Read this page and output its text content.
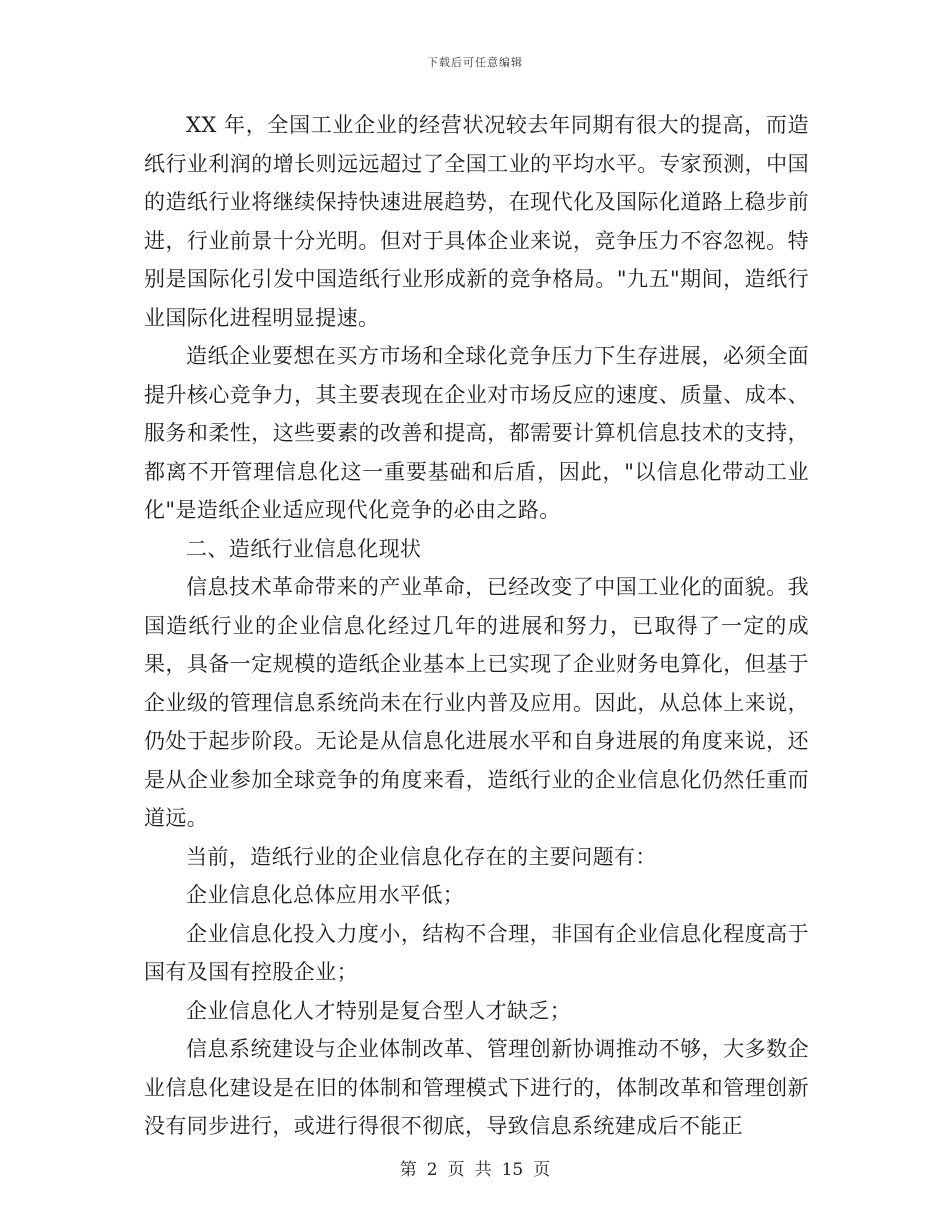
下载后可任意编辑

XX 年，全国工业企业的经营状况较去年同期有很大的提高，而造纸行业利润的增长则远远超过了全国工业的平均水平。专家预测，中国的造纸行业将继续保持快速进展趋势，在现代化及国际化道路上稳步前进，行业前景十分光明。但对于具体企业来说，竞争压力不容忽视。特别是国际化引发中国造纸行业形成新的竞争格局。"九五"期间，造纸行业国际化进程明显提速。

造纸企业要想在买方市场和全球化竞争压力下生存进展，必须全面提升核心竞争力，其主要表现在企业对市场反应的速度、质量、成本、服务和柔性，这些要素的改善和提高，都需要计算机信息技术的支持，都离不开管理信息化这一重要基础和后盾，因此，"以信息化带动工业化"是造纸企业适应现代化竞争的必由之路。

二、造纸行业信息化现状

信息技术革命带来的产业革命，已经改变了中国工业化的面貌。我国造纸行业的企业信息化经过几年的进展和努力，已取得了一定的成果，具备一定规模的造纸企业基本上已实现了企业财务电算化，但基于企业级的管理信息系统尚未在行业内普及应用。因此，从总体上来说，仍处于起步阶段。无论是从信息化进展水平和自身进展的角度来说，还是从企业参加全球竞争的角度来看，造纸行业的企业信息化仍然任重而道远。

当前，造纸行业的企业信息化存在的主要问题有：

企业信息化总体应用水平低；

企业信息化投入力度小，结构不合理，非国有企业信息化程度高于国有及国有控股企业；

企业信息化人才特别是复合型人才缺乏；

信息系统建设与企业体制改革、管理创新协调推动不够，大多数企业信息化建设是在旧的体制和管理模式下进行的，体制改革和管理创新没有同步进行，或进行得很不彻底，导致信息系统建成后不能正

第 2 页 共 15 页
